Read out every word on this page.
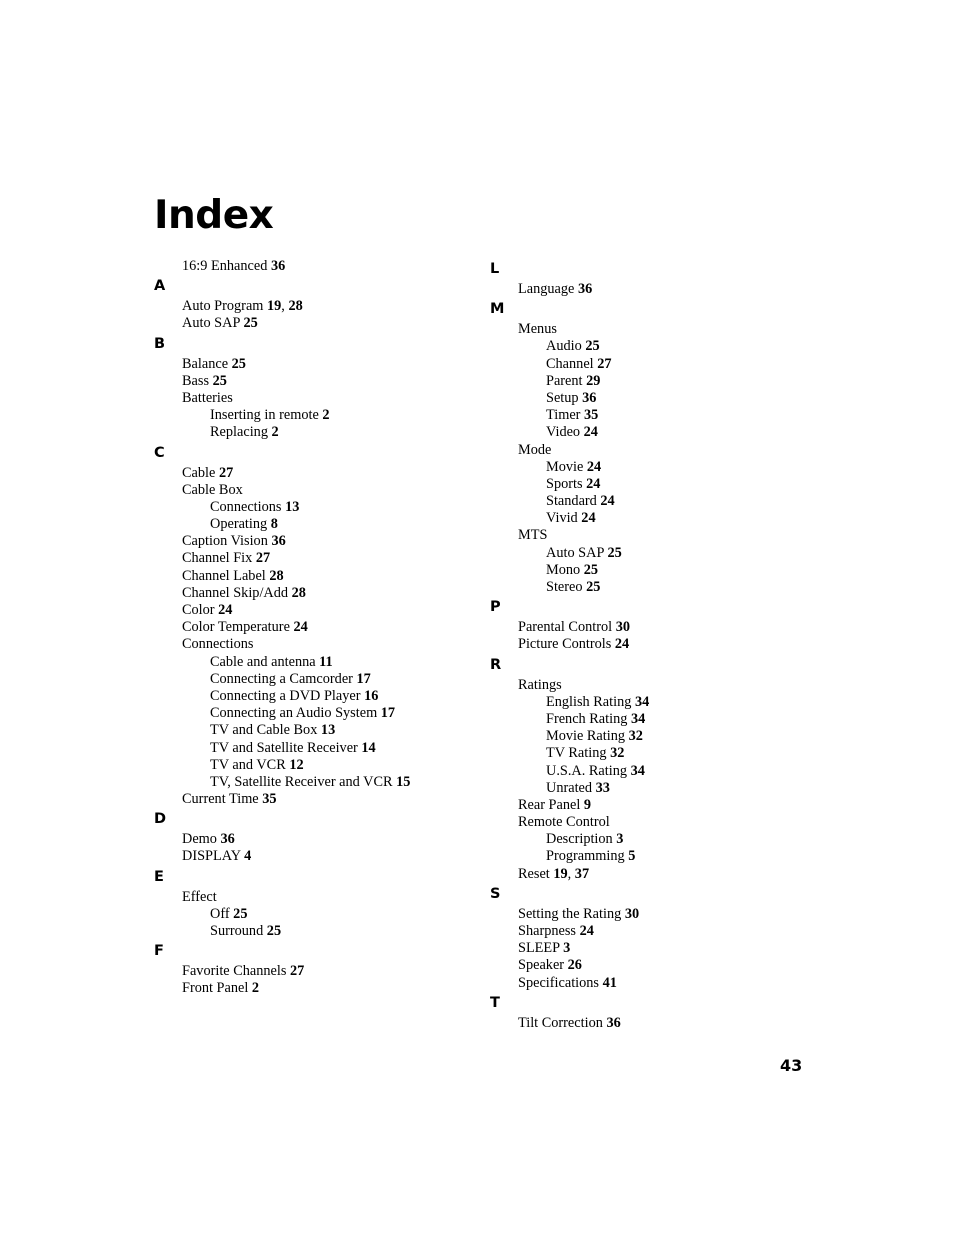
Index
16:9 Enhanced 36
A
Auto Program 19, 28
Auto SAP 25
B
Balance 25
Bass 25
Batteries
Inserting in remote 2
Replacing 2
C
Cable 27
Cable Box
Connections 13
Operating 8
Caption Vision 36
Channel Fix 27
Channel Label 28
Channel Skip/Add 28
Color 24
Color Temperature 24
Connections
Cable and antenna 11
Connecting a Camcorder 17
Connecting a DVD Player 16
Connecting an Audio System 17
TV and Cable Box 13
TV and Satellite Receiver 14
TV and VCR 12
TV, Satellite Receiver and VCR 15
Current Time 35
D
Demo 36
DISPLAY 4
E
Effect
Off 25
Surround 25
F
Favorite Channels 27
Front Panel 2
L
Language 36
M
Menus
Audio 25
Channel 27
Parent 29
Setup 36
Timer 35
Video 24
Mode
Movie 24
Sports 24
Standard 24
Vivid 24
MTS
Auto SAP 25
Mono 25
Stereo 25
P
Parental Control 30
Picture Controls 24
R
Ratings
English Rating 34
French Rating 34
Movie Rating 32
TV Rating 32
U.S.A. Rating 34
Unrated 33
Rear Panel 9
Remote Control
Description 3
Programming 5
Reset 19, 37
S
Setting the Rating 30
Sharpness 24
SLEEP 3
Speaker 26
Specifications 41
T
Tilt Correction 36
43
